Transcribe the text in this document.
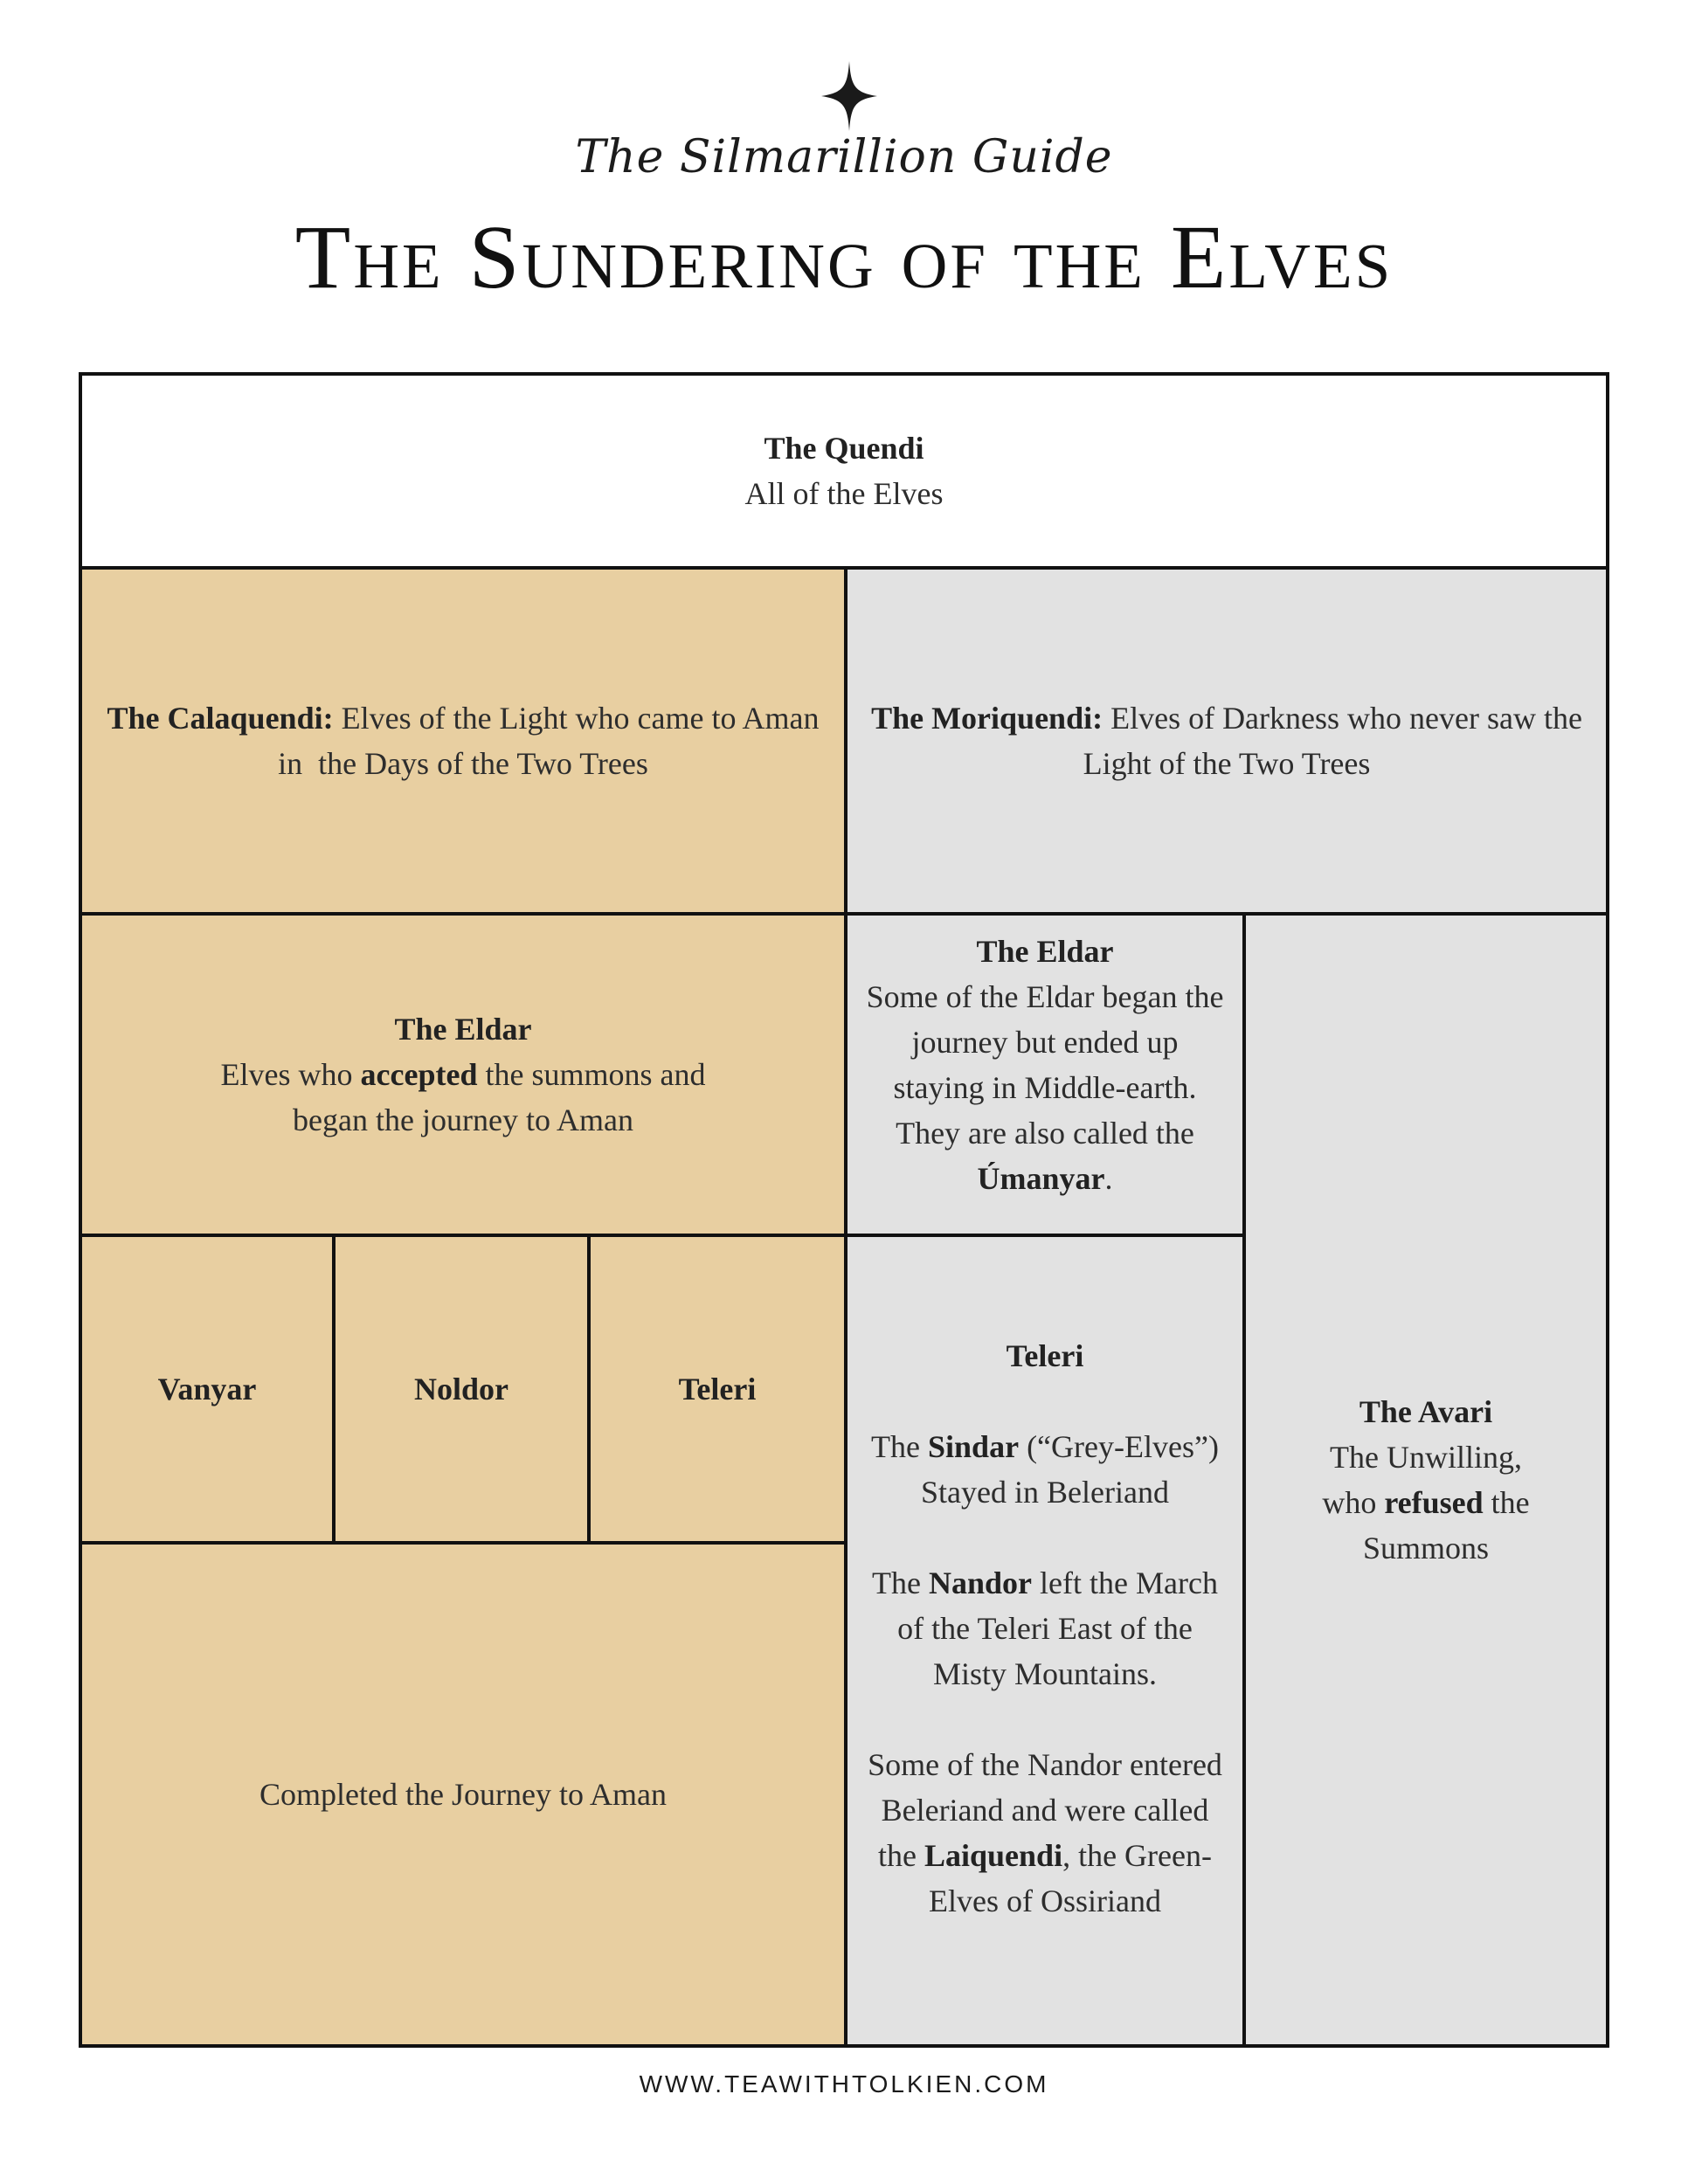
The Silmarillion Guide
The Sundering of the Elves
The Quendi
All of the Elves
The Calaquendi: Elves of the Light who came to Aman
in  the Days of the Two Trees
The Moriquendi: Elves of Darkness who never saw the
Light of the Two Trees
The Eldar
Elves who accepted the summons and
began the journey to Aman
The Eldar
Some of the Eldar began the
journey but ended up
staying in Middle-earth.
They are also called the
Úmanyar.
The Avari
The Unwilling,
who refused the
Summons
Vanyar	Noldor	Teleri
Teleri
The Sindar (“Grey-Elves”)
Stayed in Beleriand
The Nandor left the March
of the Teleri East of the
Misty Mountains.
Some of the Nandor entered
Beleriand and were called
the Laiquendi, the Green-
Elves of Ossiriand
Completed the Journey to Aman
WWW.TEAWITHTOLKIEN.COM
